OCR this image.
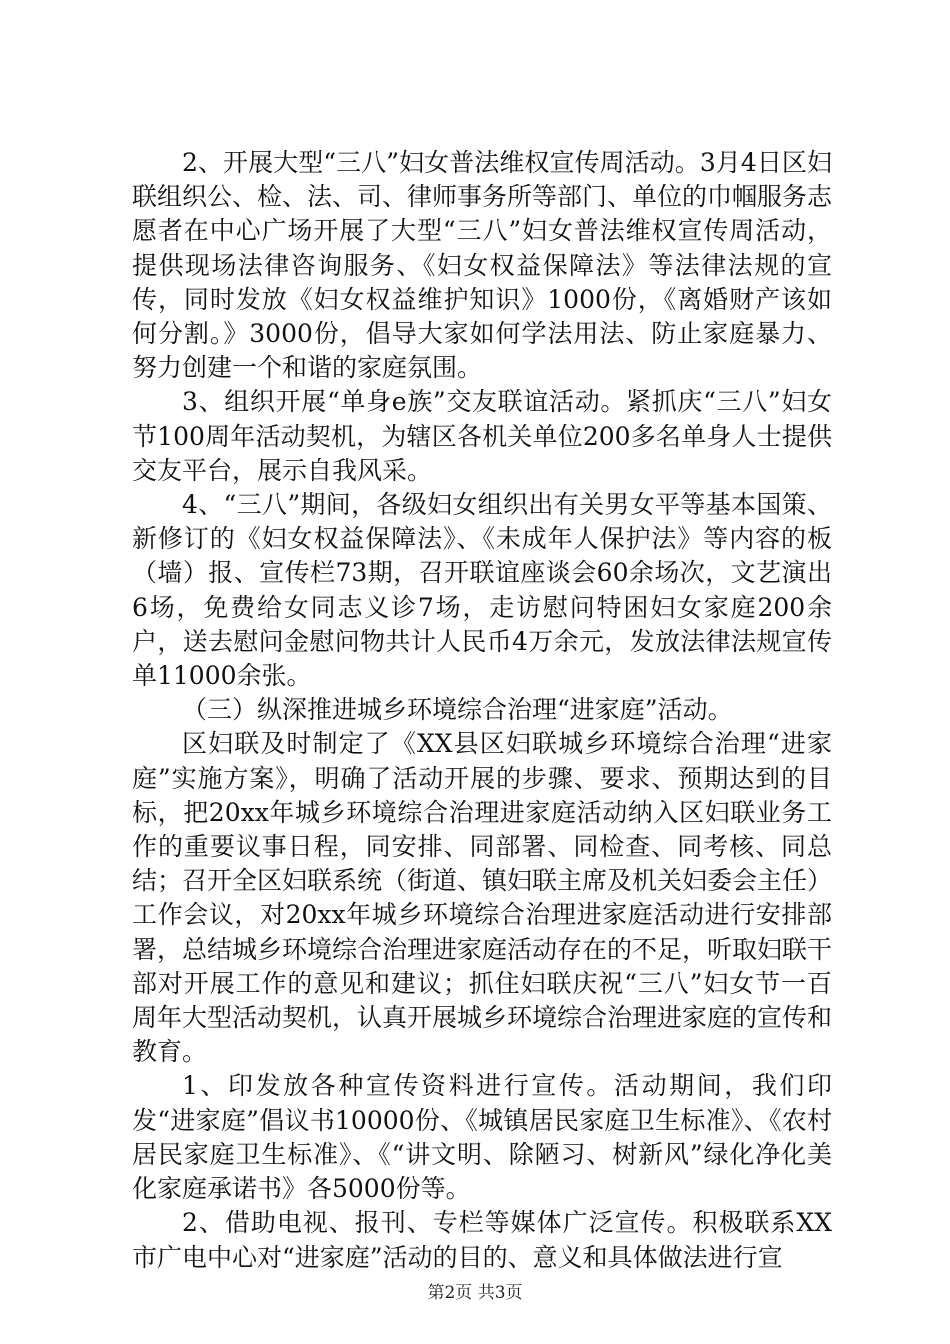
2、开展大型“三八”妇女普法维权宣传周活动。3月4日区妇联组织公、检、法、司、律师事务所等部门、单位的巾帼服务志愿者在中心广场开展了大型“三八”妇女普法维权宣传周活动，提供现场法律咨询服务、《妇女权益保障法》等法律法规的宣传，同时发放《妇女权益维护知识》1000份，《离婚财产该如何分割。》3000份，倡导大家如何学法用法、防止家庭暴力、努力创建一个和谐的家庭氛围。

3、组织开展“单身e族”交友联谊活动。紧抓庆“三八”妇女节100周年活动契机，为辖区各机关单位200多名单身人士提供交友平台，展示自我风采。

4、“三八”期间，各级妇女组织出有关男女平等基本国策、新修订的《妇女权益保障法》、《未成年人保护法》等内容的板（墙）报、宣传栏73期，召开联谊座谈会60余场次，文艺演出6场，免费给女同志义诊7场，走访慰问特困妇女家庭200余户，送去慰问金慰问物共计人民币4万余元，发放法律法规宣传单11000余张。

（三）纵深推进城乡环境综合治理“进家庭”活动。

区妇联及时制定了《XX县区妇联城乡环境综合治理“进家庭”实施方案》，明确了活动开展的步骤、要求、预期达到的目标，把20xx年城乡环境综合治理进家庭活动纳入区妇联业务工作的重要议事日程，同安排、同部署、同检查、同考核、同总结；召开全区妇联系统（街道、镇妇联主席及机关妇委会主任）工作会议，对20xx年城乡环境综合治理进家庭活动进行安排部署，总结城乡环境综合治理进家庭活动存在的不足，听取妇联干部对开展工作的意见和建议；抓住妇联庆祝“三八”妇女节一百周年大型活动契机，认真开展城乡环境综合治理进家庭的宣传和教育。

1、印发放各种宣传资料进行宣传。活动期间，我们印发“进家庭”倡议书10000份、《城镇居民家庭卫生标准》、《农村居民家庭卫生标准》、《“讲文明、除陋习、树新风”绿化净化美化家庭承诺书》各5000份等。

2、借助电视、报刊、专栏等媒体广泛宣传。积极联系XX市广电中心对“进家庭”活动的目的、意义和具体做法进行宣

第2页 共3页
